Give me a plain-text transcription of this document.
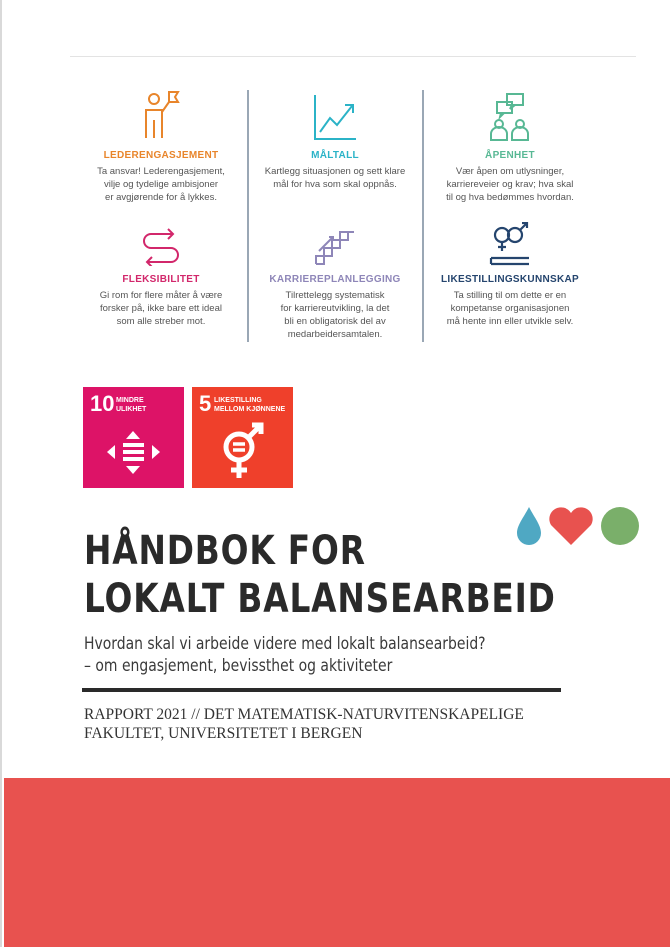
LEDERENGASJEMENT
Ta ansvar! Lederengasjement,
vilje og tydelige ambisjoner
er avgjørende for å lykkes.
MÅLTALL
Kartlegg situasjonen og sett klare
mål for hva som skal oppnås.
ÅPENHET
Vær åpen om utlysninger,
karriereveier og krav; hva skal
til og hva bedømmes hvordan.
FLEKSIBILITET
Gi rom for flere måter å være
forsker på, ikke bare ett ideal
som alle streber mot.
KARRIEREPLANLEGGING
Tilrettelegg systematisk
for karriereutvikling, la det
bli en obligatorisk del av
medarbeidersamtalen.
LIKESTILLINGSKUNNSKAP
Ta stilling til om dette er en
kompetanse organisasjonen
må hente inn eller utvikle selv.
10 MINDRE
ULIKHET 5 LIKESTILLING
MELLOM KJØNNENE
HÅNDBOK FOR
LOKALT BALANSEARBEID
Hvordan skal vi arbeide videre med lokalt balansearbeid?
– om engasjement, bevissthet og aktiviteter
RAPPORT 2021 // DET MATEMATISK-NATURVITENSKAPELIGE
FAKULTET, UNIVERSITETET I BERGEN
